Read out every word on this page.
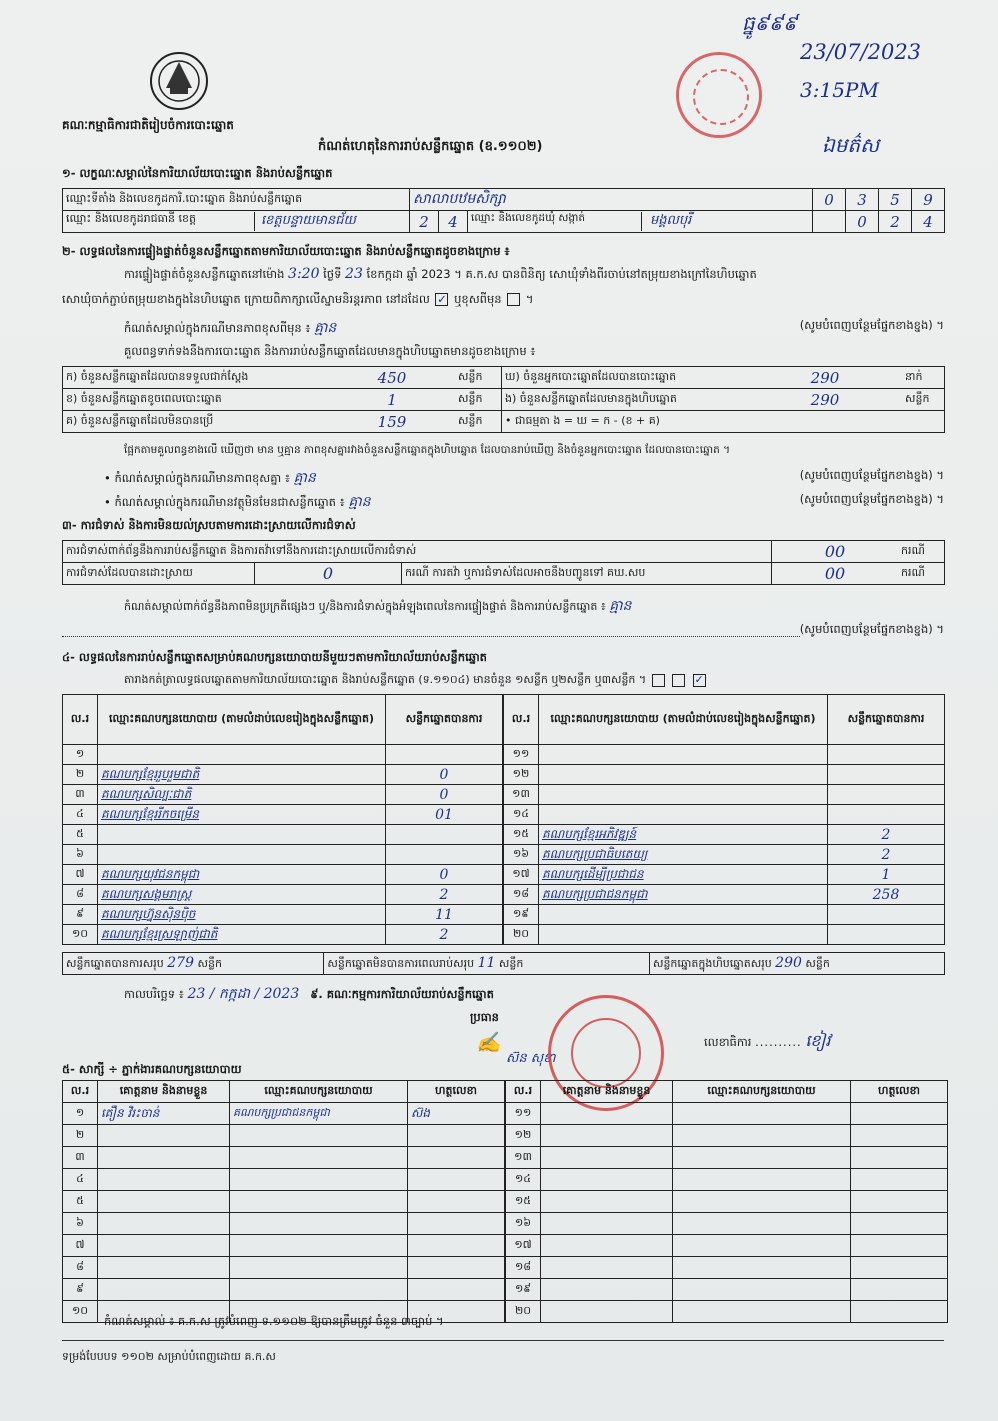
គណៈកម្មាធិការជាតិរៀបចំការបោះឆ្នោត
ធ្នូ៩៩៩
23/07/2023
3:15PM
ឯមត៌ស
កំណត់ហេតុនៃការរាប់សន្លឹកឆ្នោត (ឧ.១១០២)
១- លក្ខណៈសម្គាល់នៃការិយាល័យបោះឆ្នោត និងរាប់សន្លឹកឆ្នោត
ឈ្មោះទីតាំង និងលេខកូដការិ.បោះឆ្នោត និងរាប់សន្លឹកឆ្នោត	សាលាបឋមសិក្សា			0	3	5	9

ឈ្មោះ និងលេខកូដរាជធានី ខេត្ត ខេត្តបន្ទាយមានជ័យ	2	4	ឈ្មោះ និងលេខកូដឃុំ សង្កាត់ មង្គលបុរី		0	2	4
២- លទ្ធផលនៃការផ្ទៀងផ្ទាត់ចំនួនសន្លឹកឆ្នោតតាមការិយាល័យបោះឆ្នោត និងរាប់សន្លឹកឆ្នោតដូចខាងក្រោម ៖
ការផ្ទៀងផ្ទាត់ចំនួនសន្លឹកឆ្នោតនៅម៉ោង 3:20 ថ្ងៃទី 23 ខែកក្កដា ឆ្នាំ 2023 ។ គ.ក.ស បានពិនិត្យ សោឃុំទាំងពីរចាប់នៅតម្រុយខាងក្រៅនៃហិបឆ្នោត
សោឃុំចាក់ភ្ជាប់តម្រុយខាងក្នុងនៃហិបឆ្នោត ក្រោយពិភាក្សាលើស្នាមនិរន្តរភាព នៅដដែល ✓ ឬខុសពីមុន  ។
កំណត់សម្គាល់ក្នុងករណីមានភាពខុសពីមុន ៖ គ្មាន	(សូមបំពេញបន្ថែមផ្នែកខាងខ្នង) ។
គួលពន្ធទាក់ទងនឹងការបោះឆ្នោត និងការរាប់សន្លឹកឆ្នោតដែលមានក្នុងហិបឆ្នោតមានដូចខាងក្រោម ៖
ក) ចំនួនសន្លឹកឆ្នោតដែលបានទទួលជាក់ស្តែង	450	សន្លឹក	ឃ) ចំនួនអ្នកបោះឆ្នោតដែលបានបោះឆ្នោត	290	នាក់
ខ) ចំនួនសន្លឹកឆ្នោតខូចពេលបោះឆ្នោត	1	សន្លឹក	ង) ចំនួនសន្លឹកឆ្នោតដែលមានក្នុងហិបឆ្នោត	290	សន្លឹក
គ) ចំនួនសន្លឹកឆ្នោតដែលមិនបានប្រើ	159	សន្លឹក	• ជាធម្មតា ង = ឃ = ក - (ខ + គ)		
ផ្អែកតាមគួលពន្ធខាងលើ ឃើញថា មាន ឬគ្មាន ភាពខុសគ្នារវាងចំនួនសន្លឹកឆ្នោតក្នុងហិបឆ្នោត ដែលបានរាប់ឃើញ និងចំនួនអ្នកបោះឆ្នោត ដែលបានបោះឆ្នោត ។
• កំណត់សម្គាល់ក្នុងករណីមានភាពខុសគ្នា ៖ គ្មាន	(សូមបំពេញបន្ថែមផ្នែកខាងខ្នង) ។
• កំណត់សម្គាល់ក្នុងករណីមានវត្ថុមិនមែនជាសន្លឹកឆ្នោត ៖ គ្មាន	(សូមបំពេញបន្ថែមផ្នែកខាងខ្នង) ។
៣- ការជំទាស់ និងការមិនយល់ស្របតាមការដោះស្រាយលើការជំទាស់
ការជំទាស់ពាក់ព័ន្ធនឹងការរាប់សន្លឹកឆ្នោត និងការតវ៉ាទៅនឹងការដោះស្រាយលើការជំទាស់			00	ករណី
ការជំទាស់ដែលបានដោះស្រាយ	0	ករណី ការតវ៉ា ឬការជំទាស់ដែលអាចនឹងបញ្ជូនទៅ គឃ.សប	00	ករណី
កំណត់សម្គាល់ពាក់ព័ន្ធនឹងភាពមិនប្រក្រតីផ្សេងៗ ឬ/និងការជំទាស់ក្នុងអំឡុងពេលនៃការផ្ទៀងផ្ទាត់ និងការរាប់សន្លឹកឆ្នោត ៖ គ្មាន
(សូមបំពេញបន្ថែមផ្នែកខាងខ្នង) ។
៤- លទ្ធផលនៃការរាប់សន្លឹកឆ្នោតសម្រាប់គណបក្សនយោបាយនីមួយៗតាមការិយាល័យរាប់សន្លឹកឆ្នោត
តារាងកត់ត្រាលទ្ធផលឆ្នោតតាមការិយាល័យបោះឆ្នោត និងរាប់សន្លឹកឆ្នោត (ទ.១១០៤) មានចំនួន ១សន្លឹក ឬ២សន្លឹក ឬ៣សន្លឹក ។	✓
ល.រ	ឈ្មោះគណបក្សនយោបាយ (តាមលំដាប់លេខរៀងក្នុងសន្លឹកឆ្នោត)	សន្លឹកឆ្នោតបានការ
១		
២	គណបក្សខ្មែររួបរួមជាតិ	0
៣	គណបក្សសិល្បៈជាតិ	0
៤	គណបក្សខ្មែររីកចម្រើន	01
៥		
៦		
៧	គណបក្សយុវជនកម្ពុជា	0
៨	គណបក្សសង្គមរាស្ត្រ	2
៩	គណបក្សហ្វ៊ុនស៊ិនប៉ិច	11
១០	គណបក្សខ្មែរស្រឡាញ់ជាតិ	2
ល.រ	ឈ្មោះគណបក្សនយោបាយ (តាមលំដាប់លេខរៀងក្នុងសន្លឹកឆ្នោត)	សន្លឹកឆ្នោតបានការ
១១		
១២		
១៣		
១៤		
១៥	គណបក្សខ្មែរអភិវឌ្ឍន៍	2
១៦	គណបក្សប្រជាធិបតេយ្យ	2
១៧	គណបក្សដើម្បីប្រជាជន	1
១៨	គណបក្សប្រជាជនកម្ពុជា	258
១៩		
២០		
សន្លឹកឆ្នោតបានការសរុប 279 សន្លឹក	សន្លឹកឆ្នោតមិនបានការពេលរាប់សរុប 11 សន្លឹក	សន្លឹកឆ្នោតក្នុងហិបឆ្នោតសរុប 290 សន្លឹក
កាលបរិច្ឆេទ ៖ 23 / កក្កដា / 2023 ៩. គណៈកម្មការការិយាល័យរាប់សន្លឹកឆ្នោត
ប្រធាន
✍
ស៊ន សុខា
លេខាធិការ .......... ខៀវ
៥- សាក្សី ÷ ភ្នាក់ងារគណបក្សនយោបាយ
ល.រ	គោត្តនាម និងនាមខ្លួន	ឈ្មោះគណបក្សនយោបាយ	ហត្ថលេខា
១	គឿន វិរះចាន់	គណបក្សប្រជាជនកម្ពុជា	ស៊ង
២			
៣			
៤			
៥			
៦			
៧			
៨			
៩			
១០			
ល.រ	គោត្តនាម និងនាមខ្លួន	ឈ្មោះគណបក្សនយោបាយ	ហត្ថលេខា
១១			
១២			
១៣			
១៤			
១៥			
១៦			
១៧			
១៨			
១៩			
២០			
កំណត់សម្គាល់ ៖ គ.ក.ស ត្រូវបំពេញ ទ.១១០២ ឱ្យបានត្រឹមត្រូវ ចំនួន ៣ច្បាប់ ។
ទម្រង់បែបបទ ១១០២ សម្រាប់បំពេញដោយ គ.ក.ស
